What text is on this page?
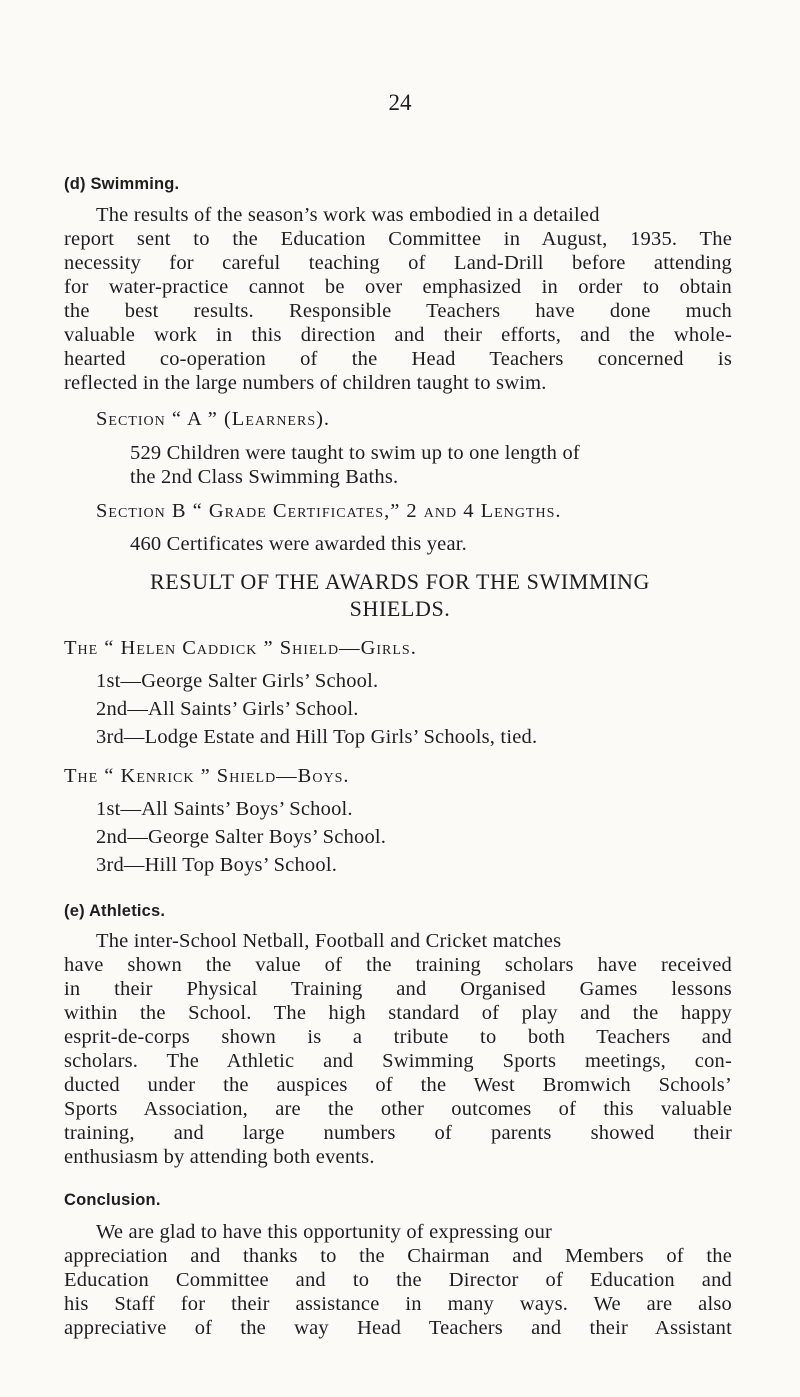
24
(d) Swimming.
The results of the season’s work was embodied in a detailed
report sent to the Education Committee in August, 1935. The
necessity for careful teaching of Land-Drill before attending
for water-practice cannot be over emphasized in order to obtain
the best results. Responsible Teachers have done much
valuable work in this direction and their efforts, and the whole-
hearted co-operation of the Head Teachers concerned is
reflected in the large numbers of children taught to swim.
Section “ A ” (Learners).
529 Children were taught to swim up to one length of
the 2nd Class Swimming Baths.
Section B “ Grade Certificates,” 2 and 4 Lengths.
460 Certificates were awarded this year.
RESULT OF THE AWARDS FOR THE SWIMMING
SHIELDS.
The “ Helen Caddick ” Shield—Girls.
1st—George Salter Girls’ School.
2nd—All Saints’ Girls’ School.
3rd—Lodge Estate and Hill Top Girls’ Schools, tied.
The “ Kenrick ” Shield—Boys.
1st—All Saints’ Boys’ School.
2nd—George Salter Boys’ School.
3rd—Hill Top Boys’ School.
(e) Athletics.
The inter-School Netball, Football and Cricket matches
have shown the value of the training scholars have received
in their Physical Training and Organised Games lessons
within the School. The high standard of play and the happy
esprit-de-corps shown is a tribute to both Teachers and
scholars. The Athletic and Swimming Sports meetings, con-
ducted under the auspices of the West Bromwich Schools’
Sports Association, are the other outcomes of this valuable
training, and large numbers of parents showed their
enthusiasm by attending both events.
Conclusion.
We are glad to have this opportunity of expressing our
appreciation and thanks to the Chairman and Members of the
Education Committee and to the Director of Education and
his Staff for their assistance in many ways. We are also
appreciative of the way Head Teachers and their Assistant
